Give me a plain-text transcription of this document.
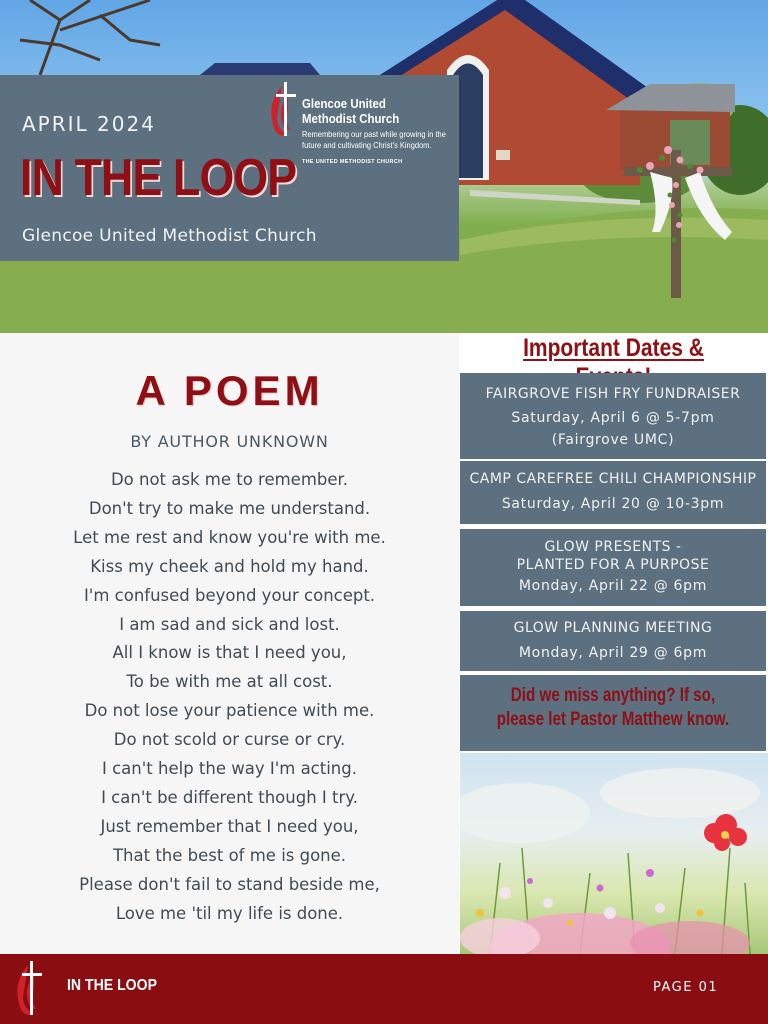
Glencoe United Methodist Church
Remembering our past while growing in the future and cultivating Christ's Kingdom.
THE UNITED METHODIST CHURCH
APRIL 2024
IN THE LOOP
Glencoe United Methodist Church
A POEM
BY AUTHOR UNKNOWN
Do not ask me to remember.
Don't try to make me understand.
Let me rest and know you're with me.
Kiss my cheek and hold my hand.
I'm confused beyond your concept.
I am sad and sick and lost.
All I know is that I need you,
To be with me at all cost.
Do not lose your patience with me.
Do not scold or curse or cry.
I can't help the way I'm acting.
I can't be different though I try.
Just remember that I need you,
That the best of me is gone.
Please don't fail to stand beside me,
Love me 'til my life is done.
Important Dates &
FAIRGROVE FISH FRY FUNDRAISER
Saturday, April 6 @ 5-7pm
(Fairgrove UMC)
CAMP CAREFREE CHILI CHAMPIONSHIP
Saturday, April 20 @ 10-3pm
GLOW PRESENTS -
PLANTED FOR A PURPOSE
Monday, April 22 @ 6pm
GLOW PLANNING MEETING
Monday, April 29 @ 6pm
Did we miss anything? If so, please let Pastor Matthew know.
IN THE LOOP	PAGE 01
